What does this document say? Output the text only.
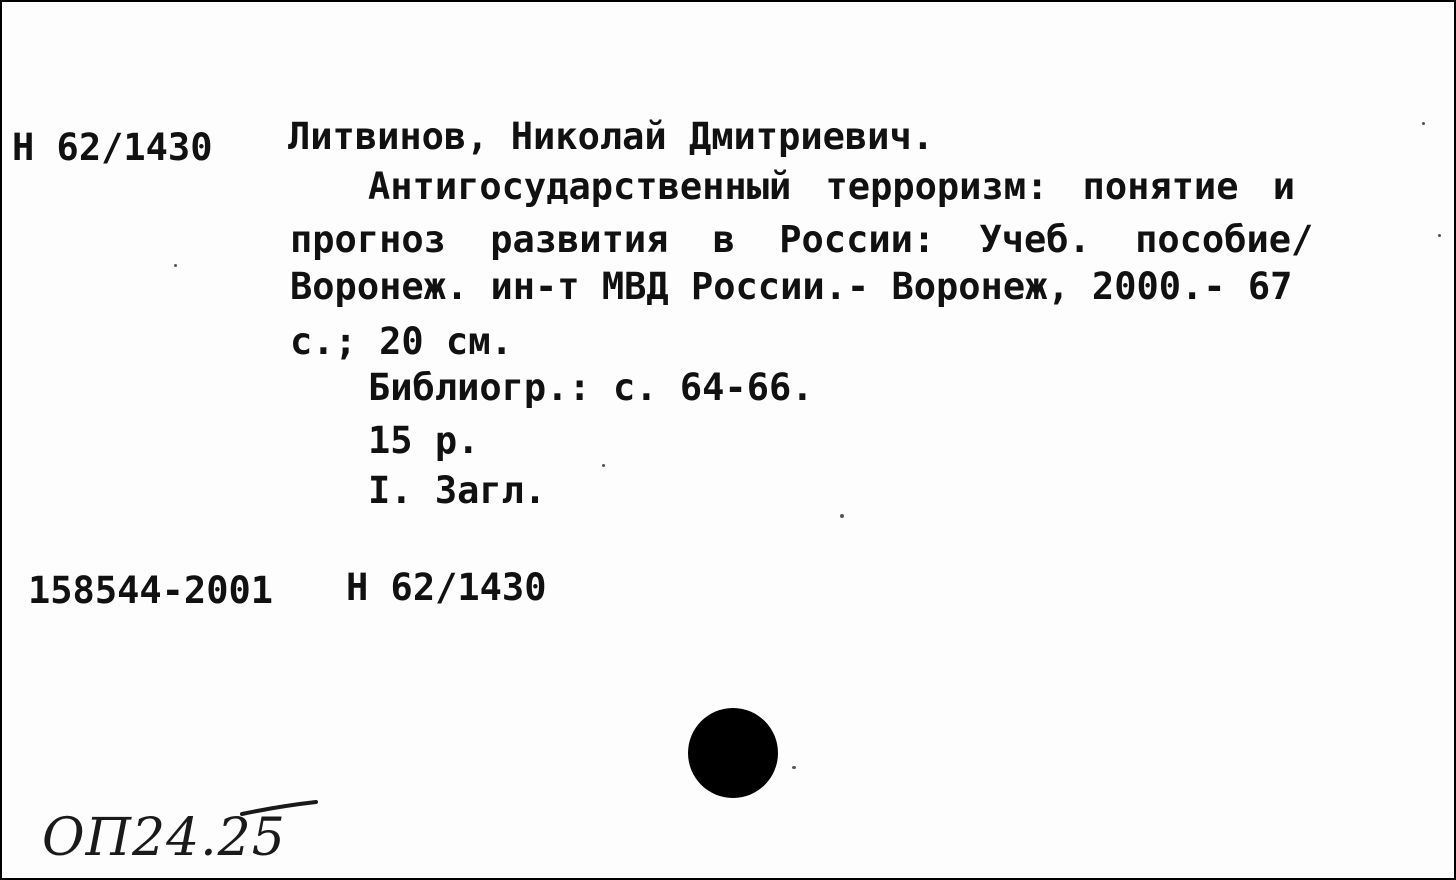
Н 62/1430 Литвинов, Николай Дмитриевич.
Антигосударственный терроризм: понятие и
прогноз развития в России: Учеб. пособие/
Воронеж. ин-т МВД России.- Воронеж, 2000.- 67
с.; 20 см.
Библиогр.: с. 64-66.
15 р.
I. Загл.
158544-2001 Н 62/1430
ОП24.25
